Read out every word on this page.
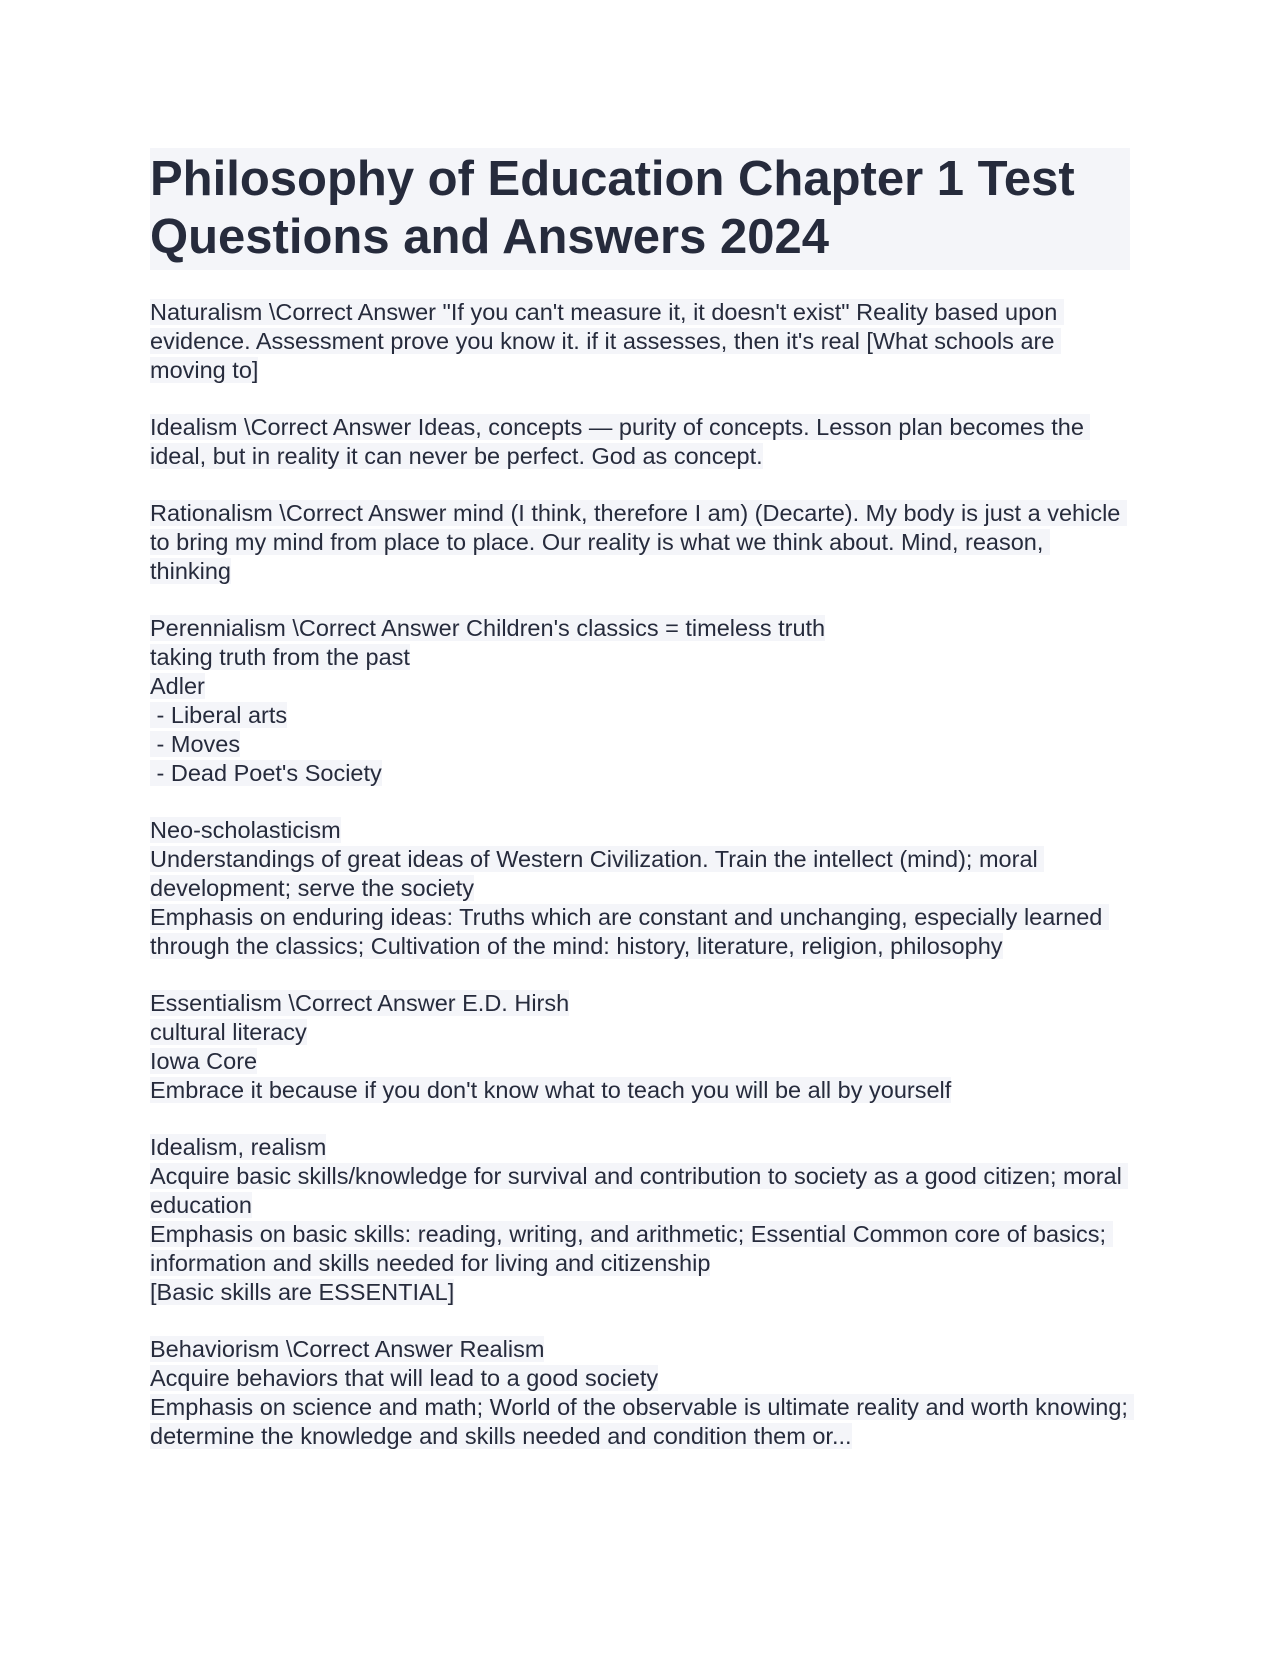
Philosophy of Education Chapter 1 Test Questions and Answers 2024
Naturalism \Correct Answer "If you can't measure it, it doesn't exist" Reality based upon evidence. Assessment prove you know it. if it assesses, then it's real [What schools are moving to]
Idealism \Correct Answer Ideas, concepts — purity of concepts. Lesson plan becomes the ideal, but in reality it can never be perfect. God as concept.
Rationalism \Correct Answer mind (I think, therefore I am) (Decarte). My body is just a vehicle to bring my mind from place to place. Our reality is what we think about. Mind, reason, thinking
Perennialism \Correct Answer Children's classics = timeless truth
taking truth from the past
Adler
- Liberal arts
- Moves
- Dead Poet's Society
Neo-scholasticism
Understandings of great ideas of Western Civilization. Train the intellect (mind); moral development; serve the society
Emphasis on enduring ideas: Truths which are constant and unchanging, especially learned through the classics; Cultivation of the mind: history, literature, religion, philosophy
Essentialism \Correct Answer E.D. Hirsh
cultural literacy
Iowa Core
Embrace it because if you don't know what to teach you will be all by yourself
Idealism, realism
Acquire basic skills/knowledge for survival and contribution to society as a good citizen; moral education
Emphasis on basic skills: reading, writing, and arithmetic; Essential Common core of basics; information and skills needed for living and citizenship
[Basic skills are ESSENTIAL]
Behaviorism \Correct Answer Realism
Acquire behaviors that will lead to a good society
Emphasis on science and math; World of the observable is ultimate reality and worth knowing; determine the knowledge and skills needed and condition them or...
